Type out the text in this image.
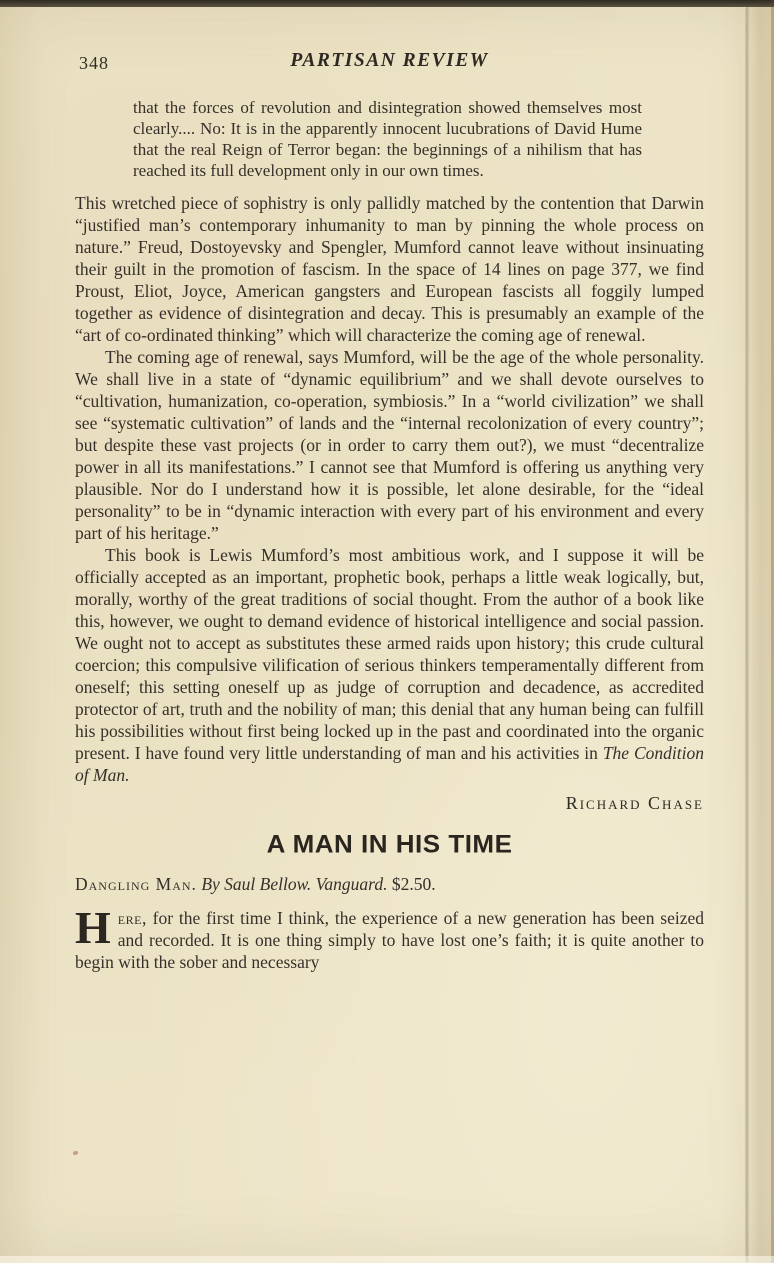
348	PARTISAN REVIEW
that the forces of revolution and disintegration showed themselves most clearly.... No: It is in the apparently innocent lucubrations of David Hume that the real Reign of Terror began: the beginnings of a nihilism that has reached its full development only in our own times.

This wretched piece of sophistry is only pallidly matched by the contention that Darwin “justified man’s contemporary inhumanity to man by pinning the whole process on nature.” Freud, Dostoyevsky and Spengler, Mumford cannot leave without insinuating their guilt in the promotion of fascism. In the space of 14 lines on page 377, we find Proust, Eliot, Joyce, American gangsters and European fascists all foggily lumped together as evidence of disintegration and decay. This is presumably an example of the “art of co-ordinated thinking” which will characterize the coming age of renewal.

The coming age of renewal, says Mumford, will be the age of the whole personality. We shall live in a state of “dynamic equilibrium” and we shall devote ourselves to “cultivation, humanization, co-operation, symbiosis.” In a “world civilization” we shall see “systematic cultivation” of lands and the “internal recolonization of every country”; but despite these vast projects (or in order to carry them out?), we must “decentralize power in all its manifestations.” I cannot see that Mumford is offering us anything very plausible. Nor do I understand how it is possible, let alone desirable, for the “ideal personality” to be in “dynamic interaction with every part of his environment and every part of his heritage.”

This book is Lewis Mumford’s most ambitious work, and I suppose it will be officially accepted as an important, prophetic book, perhaps a little weak logically, but, morally, worthy of the great traditions of social thought. From the author of a book like this, however, we ought to demand evidence of historical intelligence and social passion. We ought not to accept as substitutes these armed raids upon history; this crude cultural coercion; this compulsive vilification of serious thinkers temperamentally different from oneself; this setting oneself up as judge of corruption and decadence, as accredited protector of art, truth and the nobility of man; this denial that any human being can fulfill his possibilities without first being locked up in the past and coordinated into the organic present. I have found very little understanding of man and his activities in The Condition of Man.

Richard Chase
A MAN IN HIS TIME
Dangling Man. By Saul Bellow. Vanguard. $2.50.

Here, for the first time I think, the experience of a new generation has been seized and recorded. It is one thing simply to have lost one’s faith; it is quite another to begin with the sober and necessary
